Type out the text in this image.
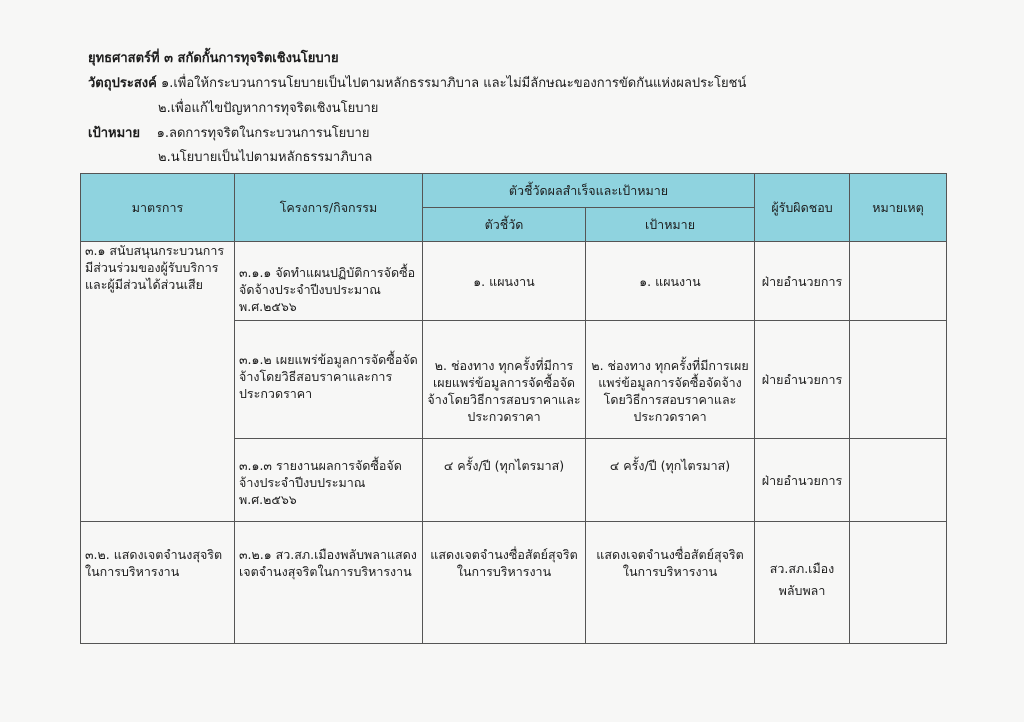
ยุทธศาสตร์ที่ ๓ สกัดกั้นการทุจริตเชิงนโยบาย
วัตถุประสงค์ ๑.เพื่อให้กระบวนการนโยบายเป็นไปตามหลักธรรมาภิบาล และไม่มีลักษณะของการขัดกันแห่งผลประโยชน์
๒.เพื่อแก้ไขปัญหาการทุจริตเชิงนโยบาย
เป้าหมาย ๑.ลดการทุจริตในกระบวนการนโยบาย
๒.นโยบายเป็นไปตามหลักธรรมาภิบาล
มาตรการ	โครงการ/กิจกรรม	ตัวชี้วัดผลสำเร็จและเป้าหมาย		ผู้รับผิดชอบ	หมายเหตุ
		ตัวชี้วัด	เป้าหมาย		
๓.๑ สนับสนุนกระบวนการมีส่วนร่วมของผู้รับบริการและผู้มีส่วนได้ส่วนเสีย	๓.๑.๑ จัดทำแผนปฏิบัติการจัดซื้อจัดจ้างประจำปีงบประมาณ พ.ศ.๒๕๖๖	๑. แผนงาน	๑. แผนงาน	ฝ่ายอำนวยการ	
	๓.๑.๒ เผยแพร่ข้อมูลการจัดซื้อจัดจ้างโดยวิธีสอบราคาและการประกวดราคา	๒. ช่องทาง ทุกครั้งที่มีการเผยแพร่ข้อมูลการจัดซื้อจัดจ้างโดยวิธีการสอบราคาและประกวดราคา	๒. ช่องทาง ทุกครั้งที่มีการเผยแพร่ข้อมูลการจัดซื้อจัดจ้างโดยวิธีการสอบราคาและประกวดราคา	ฝ่ายอำนวยการ	
	๓.๑.๓ รายงานผลการจัดซื้อจัดจ้างประจำปีงบประมาณ พ.ศ.๒๕๖๖	๔ ครั้ง/ปี (ทุกไตรมาส)	๔ ครั้ง/ปี (ทุกไตรมาส)	ฝ่ายอำนวยการ	
๓.๒. แสดงเจตจำนงสุจริตในการบริหารงาน	๓.๒.๑ สว.สภ.เมืองพลับพลาแสดงเจตจำนงสุจริตในการบริหารงาน	แสดงเจตจำนงซื่อสัตย์สุจริตในการบริหารงาน	แสดงเจตจำนงซื่อสัตย์สุจริตในการบริหารงาน	สว.สภ.เมืองพลับพลา	
